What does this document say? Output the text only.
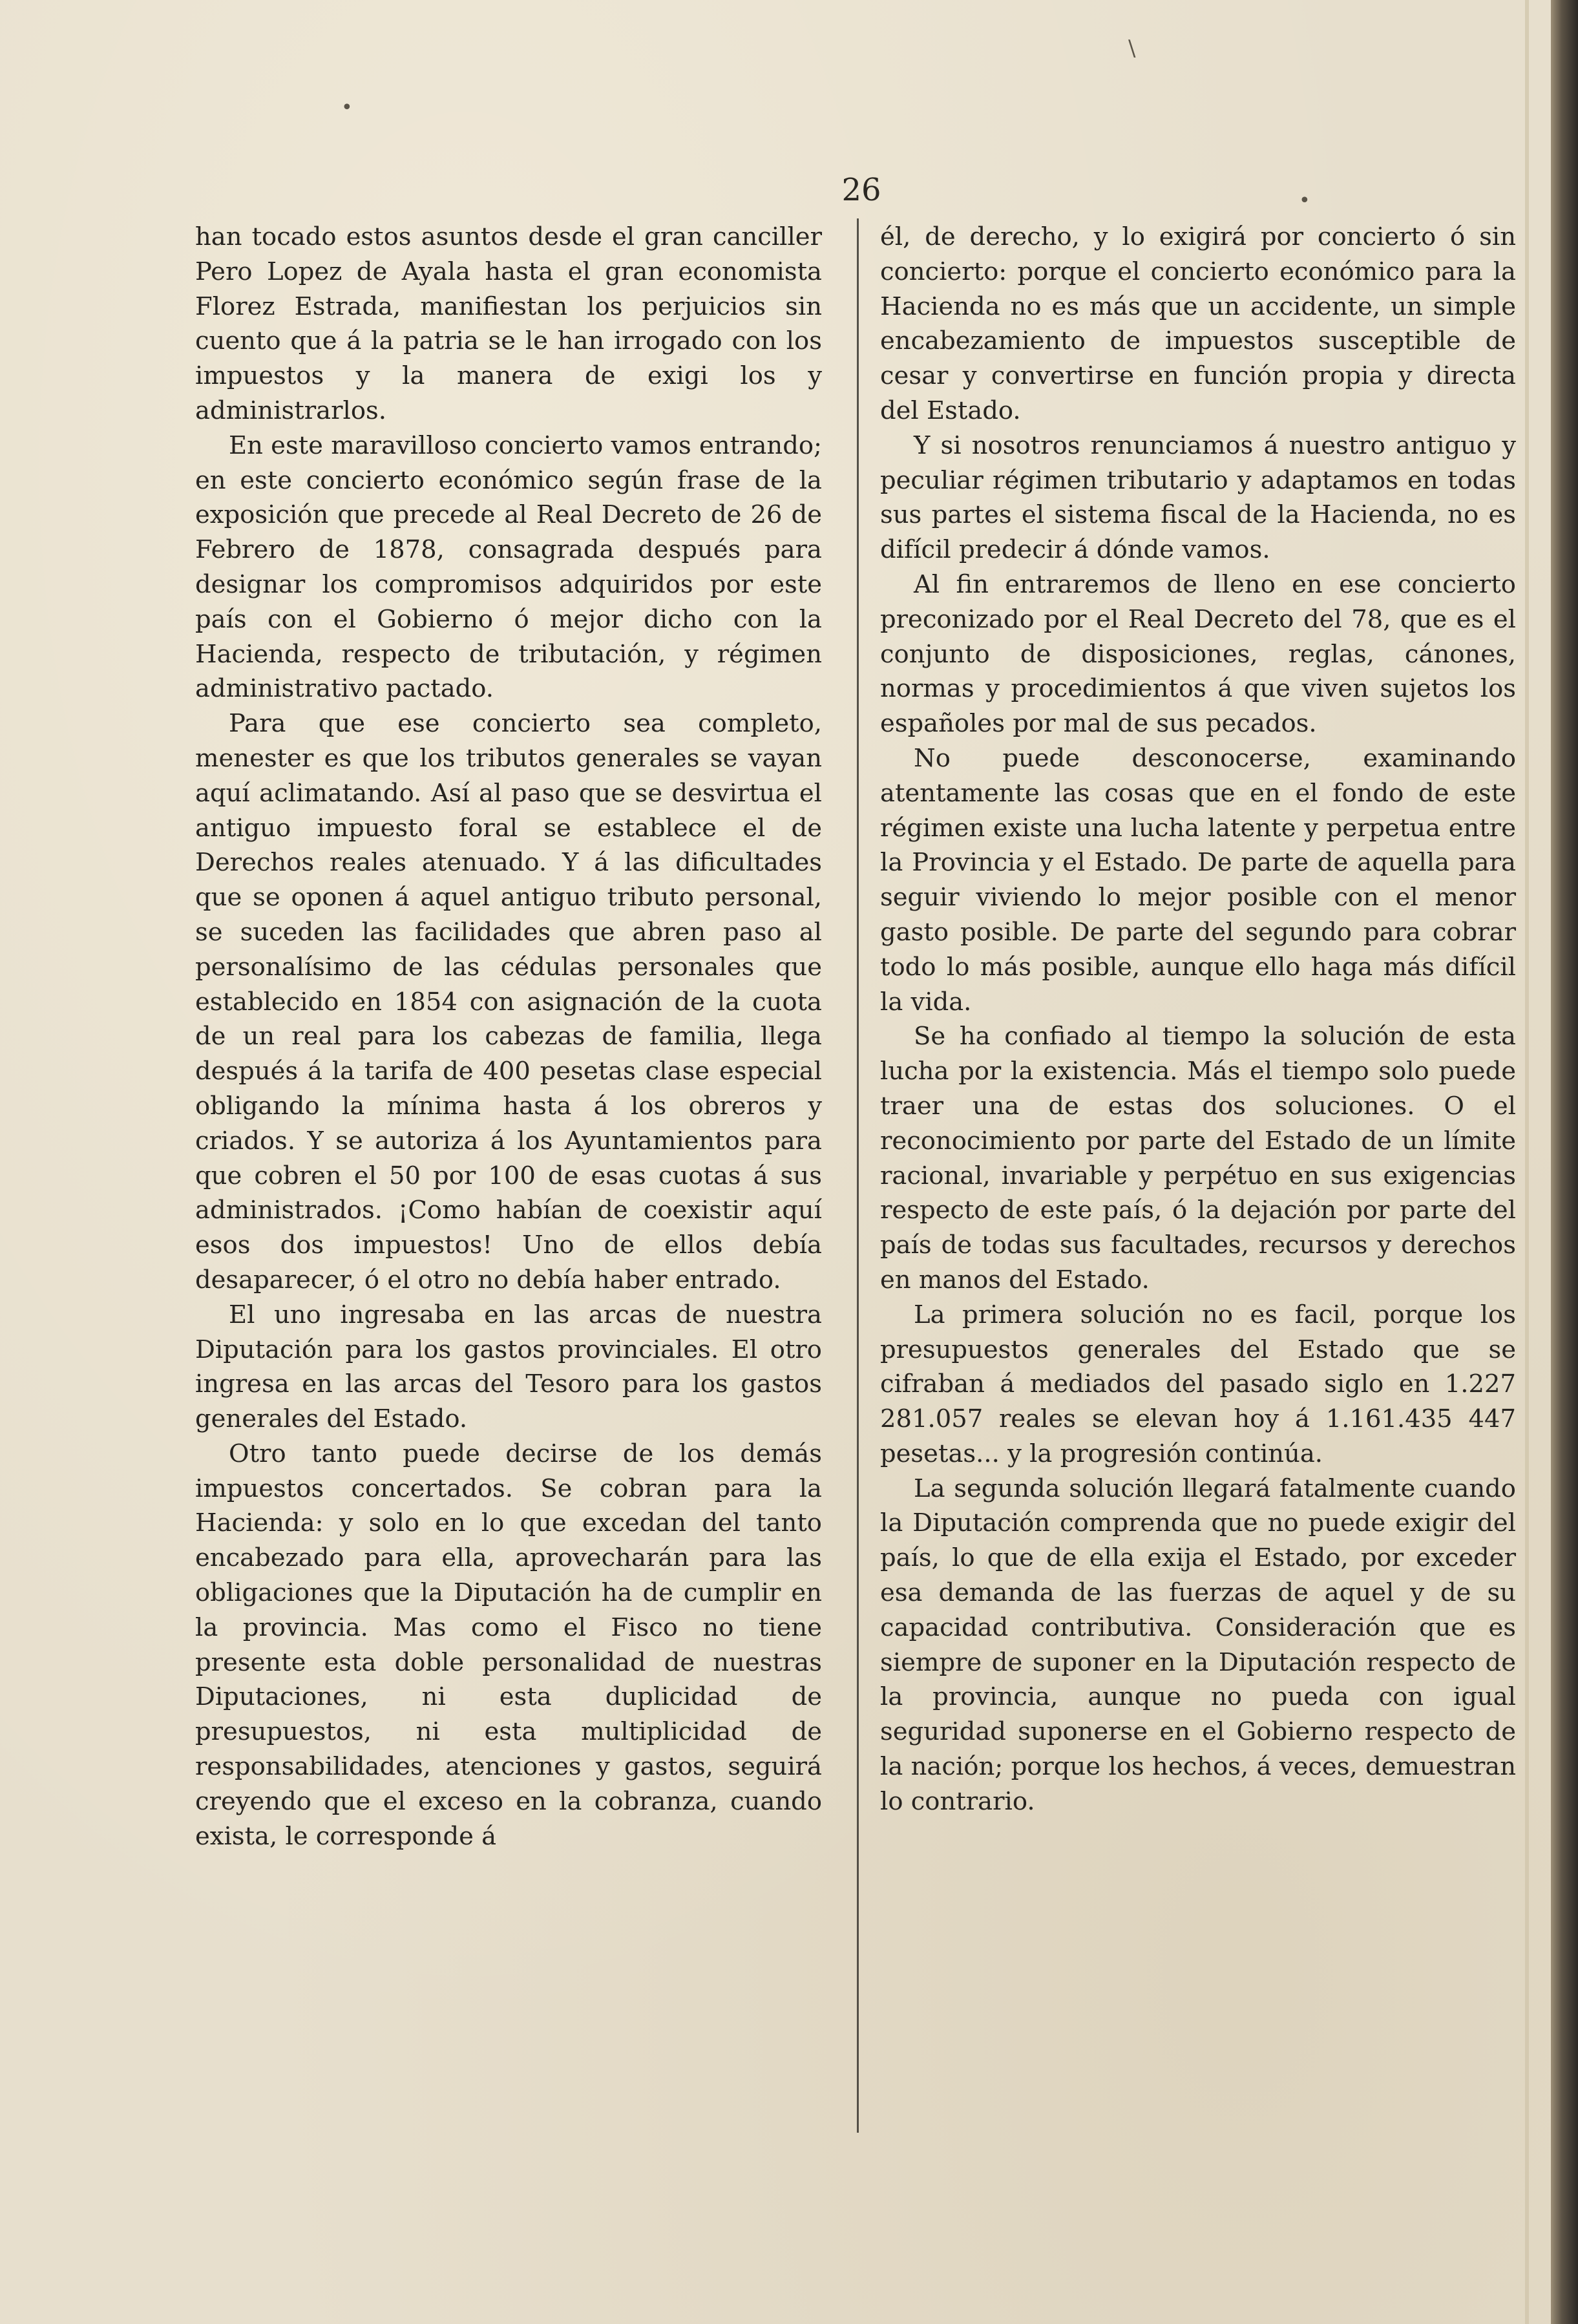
\
•
•
26

han tocado estos asuntos desde el gran canciller Pero Lopez de Ayala hasta el gran economista Florez Estrada, manifiestan los perjuicios sin cuento que á la patria se le han irrogado con los impuestos y la manera de exigi los y administrarlos.

En este maravilloso concierto vamos entrando; en este concierto económico según frase de la exposición que precede al Real Decreto de 26 de Febrero de 1878, consagrada después para designar los compromisos adquiridos por este país con el Gobierno ó mejor dicho con la Hacienda, respecto de tributación, y régimen administrativo pactado.

Para que ese concierto sea completo, menester es que los tributos generales se vayan aquí aclimatando. Así al paso que se desvirtua el antiguo impuesto foral se establece el de Derechos reales atenuado. Y á las dificultades que se oponen á aquel antiguo tributo personal, se suceden las facilidades que abren paso al personalísimo de las cédulas personales que establecido en 1854 con asignación de la cuota de un real para los cabezas de familia, llega después á la tarifa de 400 pesetas clase especial obligando la mínima hasta á los obreros y criados. Y se autoriza á los Ayuntamientos para que cobren el 50 por 100 de esas cuotas á sus administrados. ¡Como habían de coexistir aquí esos dos impuestos! Uno de ellos debía desaparecer, ó el otro no debía haber entrado.

El uno ingresaba en las arcas de nuestra Diputación para los gastos provinciales. El otro ingresa en las arcas del Tesoro para los gastos generales del Estado.

Otro tanto puede decirse de los demás impuestos concertados. Se cobran para la Hacienda: y solo en lo que excedan del tanto encabezado para ella, aprovecharán para las obligaciones que la Diputación ha de cumplir en la provincia. Mas como el Fisco no tiene presente esta doble personalidad de nuestras Diputaciones, ni esta duplicidad de presupuestos, ni esta multiplicidad de responsabilidades, atenciones y gastos, seguirá creyendo que el exceso en la cobranza, cuando exista, le corresponde á

él, de derecho, y lo exigirá por concierto ó sin concierto: porque el concierto económico para la Hacienda no es más que un accidente, un simple encabezamiento de impuestos susceptible de cesar y convertirse en función propia y directa del Estado.

Y si nosotros renunciamos á nuestro antiguo y peculiar régimen tributario y adaptamos en todas sus partes el sistema fiscal de la Hacienda, no es difícil predecir á dónde vamos.

Al fin entraremos de lleno en ese concierto preconizado por el Real Decreto del 78, que es el conjunto de disposiciones, reglas, cánones, normas y procedimientos á que viven sujetos los españoles por mal de sus pecados.

No puede desconocerse, examinando atentamente las cosas que en el fondo de este régimen existe una lucha latente y perpetua entre la Provincia y el Estado. De parte de aquella para seguir viviendo lo mejor posible con el menor gasto posible. De parte del segundo para cobrar todo lo más posible, aunque ello haga más difícil la vida.

Se ha confiado al tiempo la solución de esta lucha por la existencia. Más el tiempo solo puede traer una de estas dos soluciones. O el reconocimiento por parte del Estado de un límite racional, invariable y perpétuo en sus exigencias respecto de este país, ó la dejación por parte del país de todas sus facultades, recursos y derechos en manos del Estado.

La primera solución no es facil, porque los presupuestos generales del Estado que se cifraban á mediados del pasado siglo en 1.227 281.057 reales se elevan hoy á 1.161.435 447 pesetas... y la progresión continúa.

La segunda solución llegará fatalmente cuando la Diputación comprenda que no puede exigir del país, lo que de ella exija el Estado, por exceder esa demanda de las fuerzas de aquel y de su capacidad contributiva. Consideración que es siempre de suponer en la Diputación respecto de la provincia, aunque no pueda con igual seguridad suponerse en el Gobierno respecto de la nación; porque los hechos, á veces, demuestran lo contrario.
